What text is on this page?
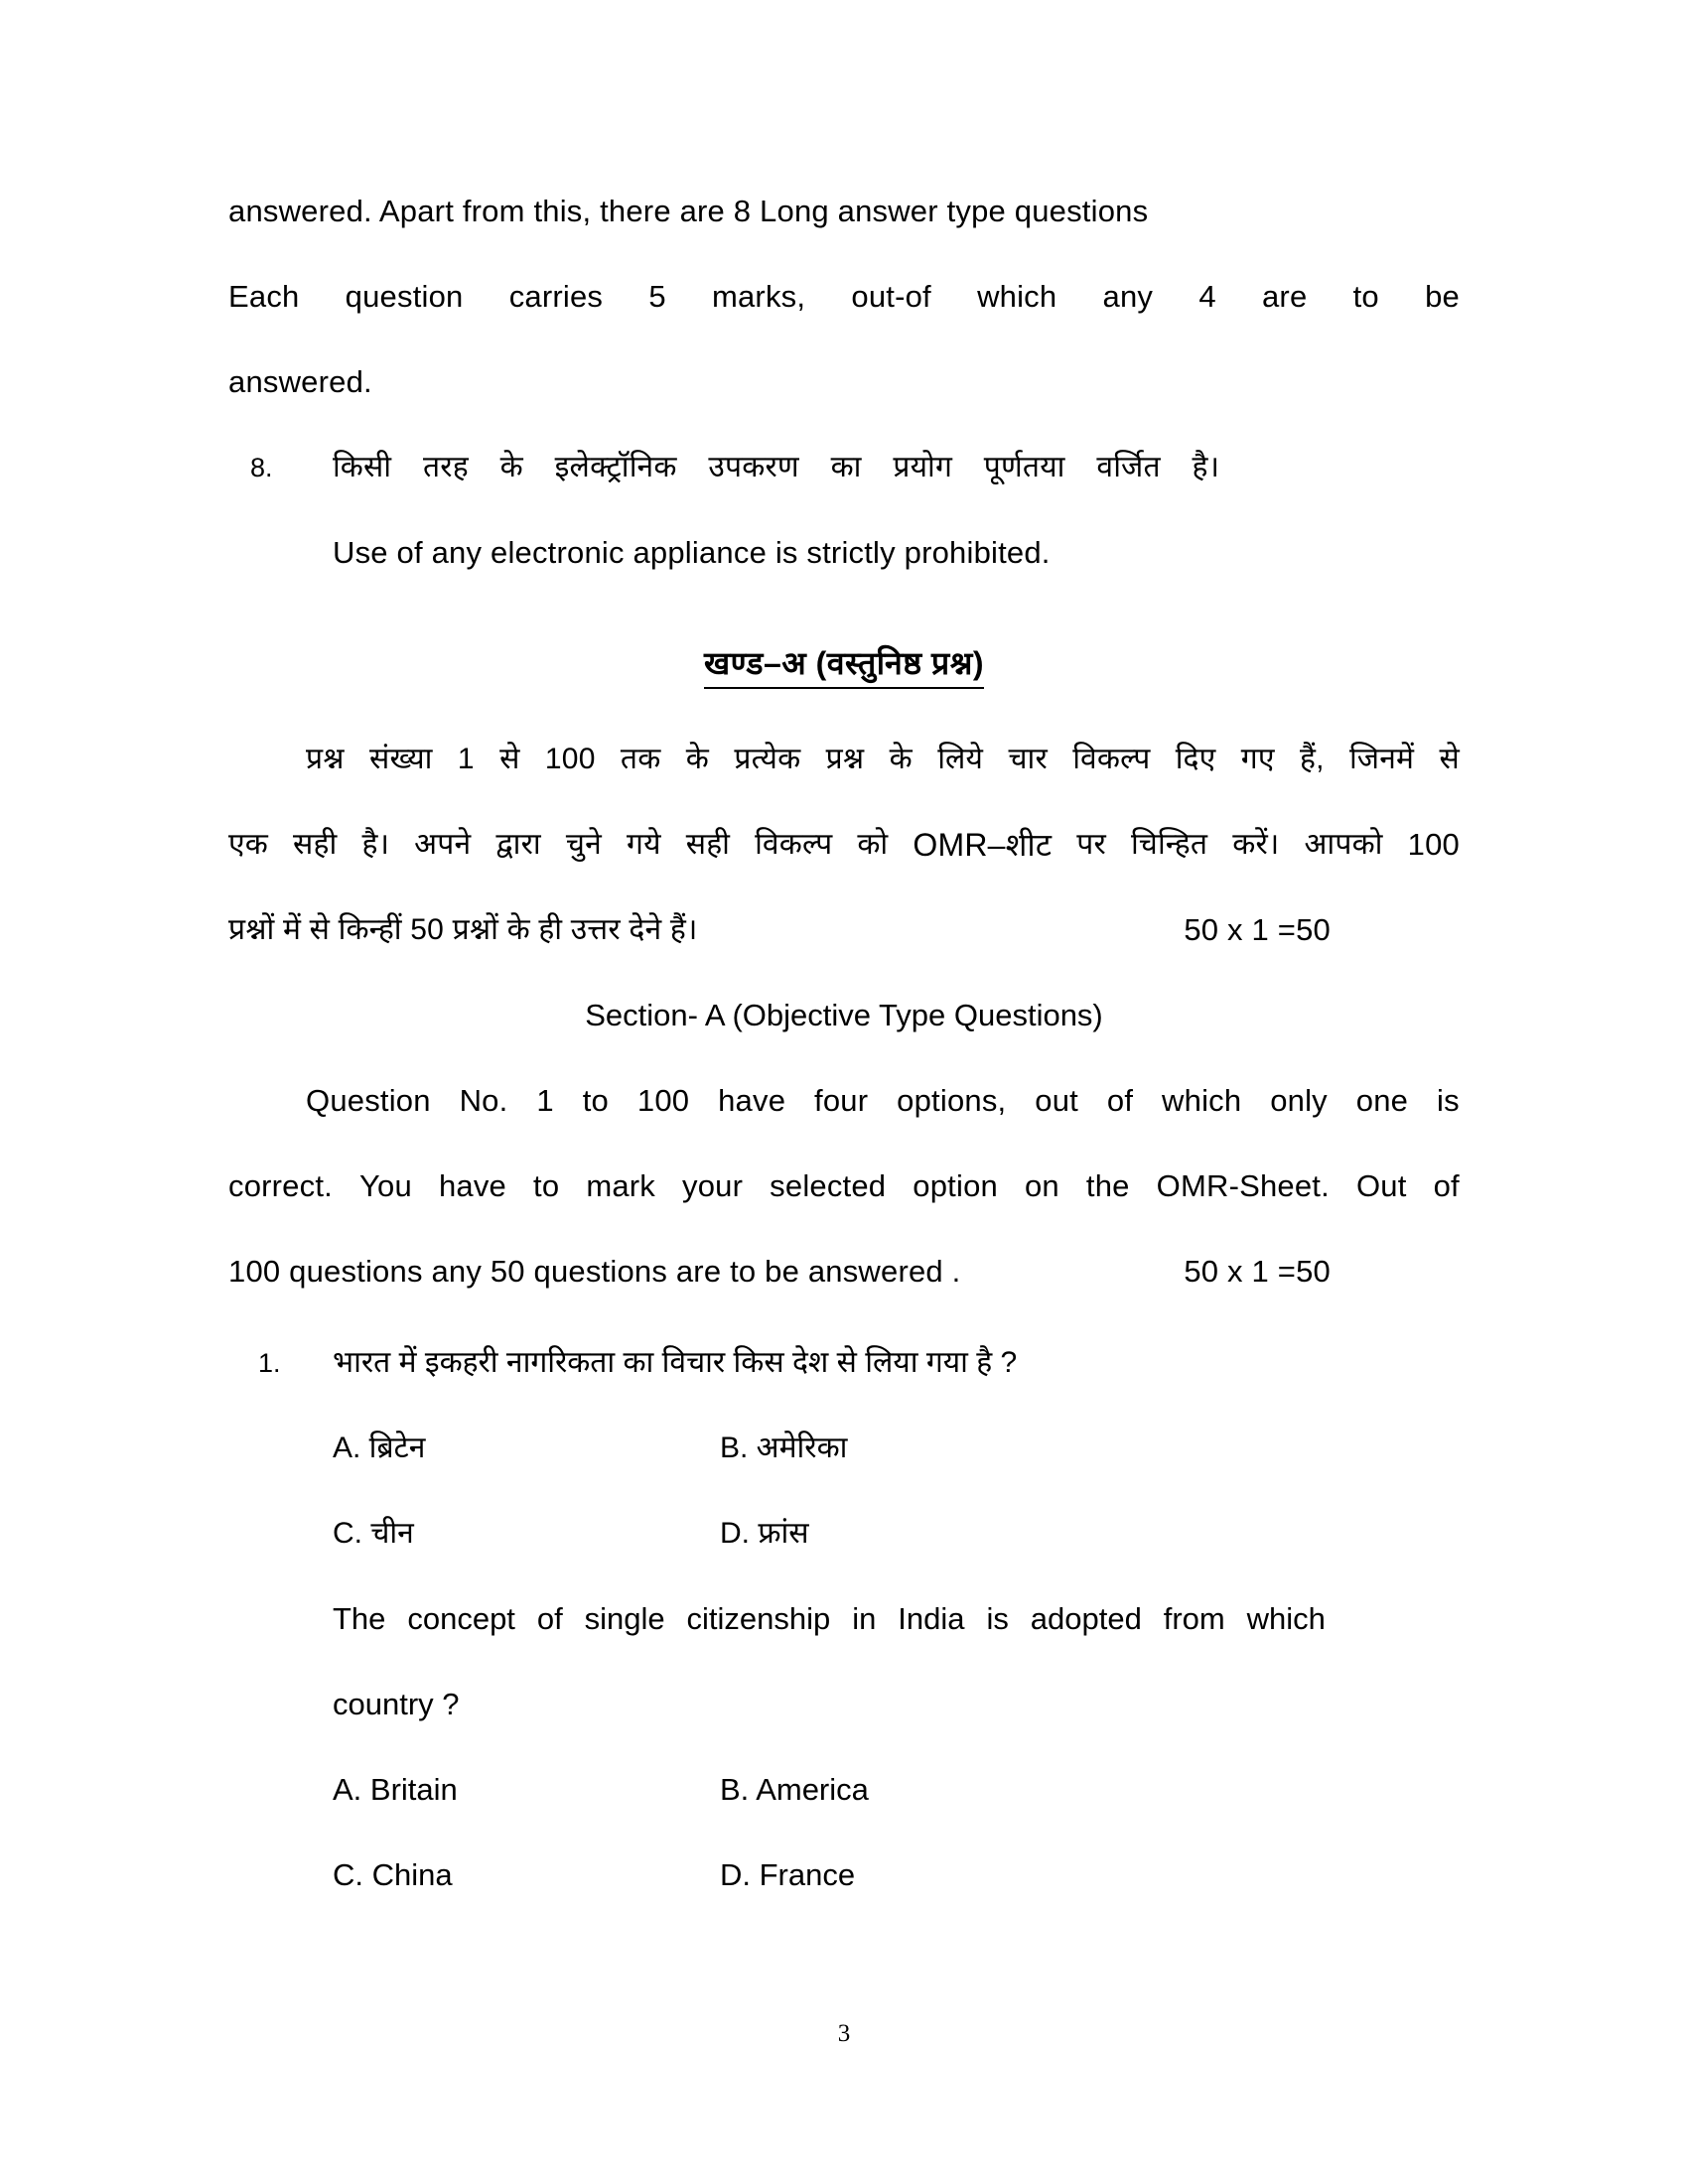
answered. Apart from this, there are 8 Long answer type questions
Each question carries 5 marks, out-of which any 4 are to be
answered.
8.	किसी तरह के इलेक्ट्रॉनिक उपकरण का प्रयोग पूर्णतया वर्जित है।
Use of any electronic appliance is strictly prohibited.
खण्ड–अ (वस्तुनिष्ठ प्रश्न)
प्रश्न संख्या 1 से 100 तक के प्रत्येक प्रश्न के लिये चार विकल्प दिए गए हैं, जिनमें से
एक सही है। अपने द्वारा चुने गये सही विकल्प को OMR–शीट पर चिन्हित करें। आपको 100
प्रश्नों में से किन्हीं 50 प्रश्नों के ही उत्तर देने हैं।	50 x 1 =50
Section- A (Objective Type Questions)
Question No. 1 to 100 have four options, out of which only one is
correct. You have to mark your selected option on the OMR-Sheet. Out of
100 questions any 50 questions are to be answered .	50 x 1 =50
1.	भारत में इकहरी नागरिकता का विचार किस देश से लिया गया है ?
A. ब्रिटेन	B. अमेरिका
C. चीन	D. फ्रांस
The concept of single citizenship in India is adopted from which
country ?
A. Britain	B. America
C. China	D. France
3
